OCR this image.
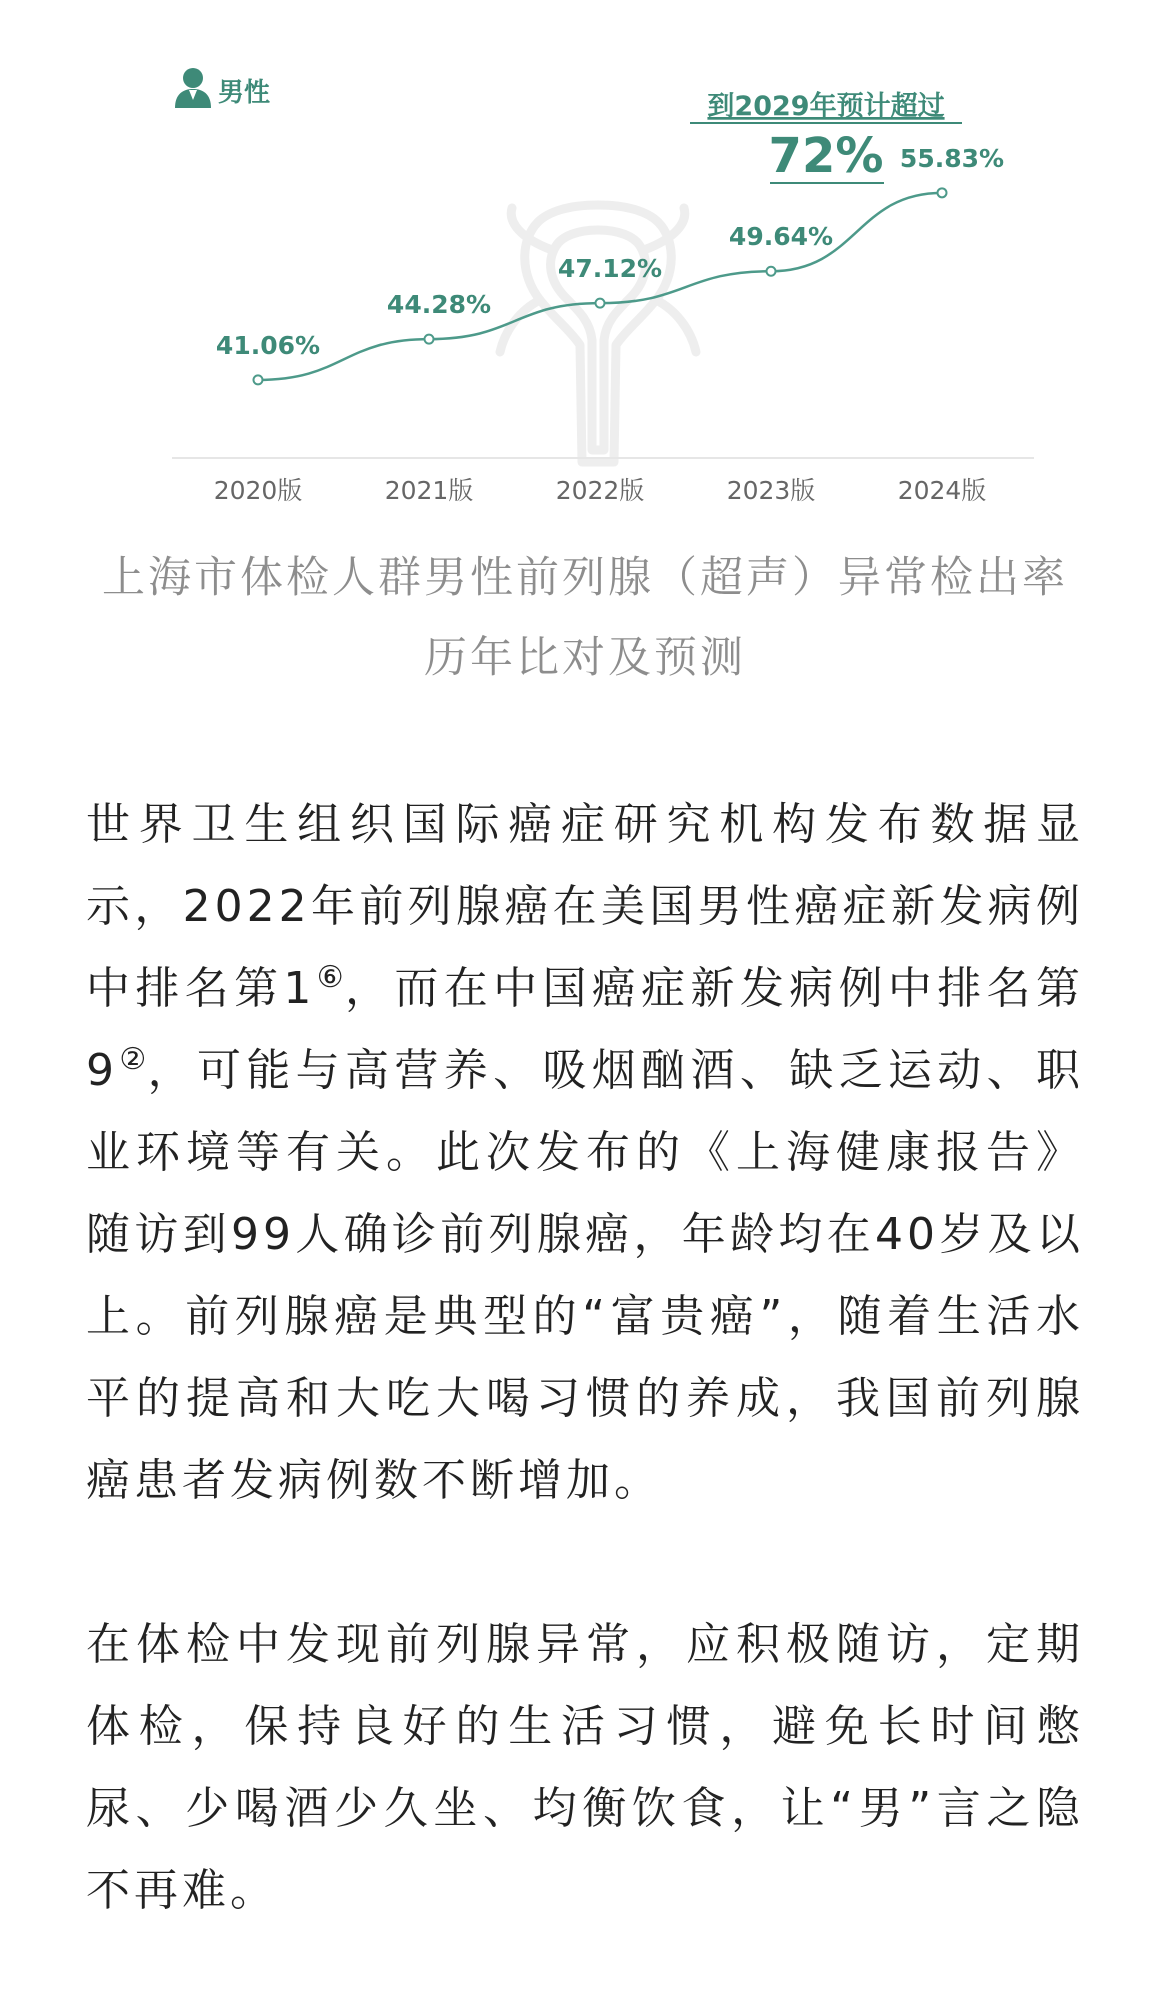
男性	到2029年预计超过
72%
41.06%
44.28%
47.12%
49.64%
55.83%
2020版	2021版	2022版	2023版	2024版
上海市体检人群男性前列腺（超声）异常检出率
历年比对及预测

世界卫生组织国际癌症研究机构发布数据显示，2022年前列腺癌在美国男性癌症新发病例中排名第1⑥，而在中国癌症新发病例中排名第9②，可能与高营养、吸烟酗酒、缺乏运动、职业环境等有关。此次发布的《上海健康报告》随访到99人确诊前列腺癌，年龄均在40岁及以上。前列腺癌是典型的“富贵癌”，随着生活水平的提高和大吃大喝习惯的养成，我国前列腺癌患者发病例数不断增加。

在体检中发现前列腺异常，应积极随访，定期体检，保持良好的生活习惯，避免长时间憋尿、少喝酒少久坐、均衡饮食，让“男”言之隐不再难。
